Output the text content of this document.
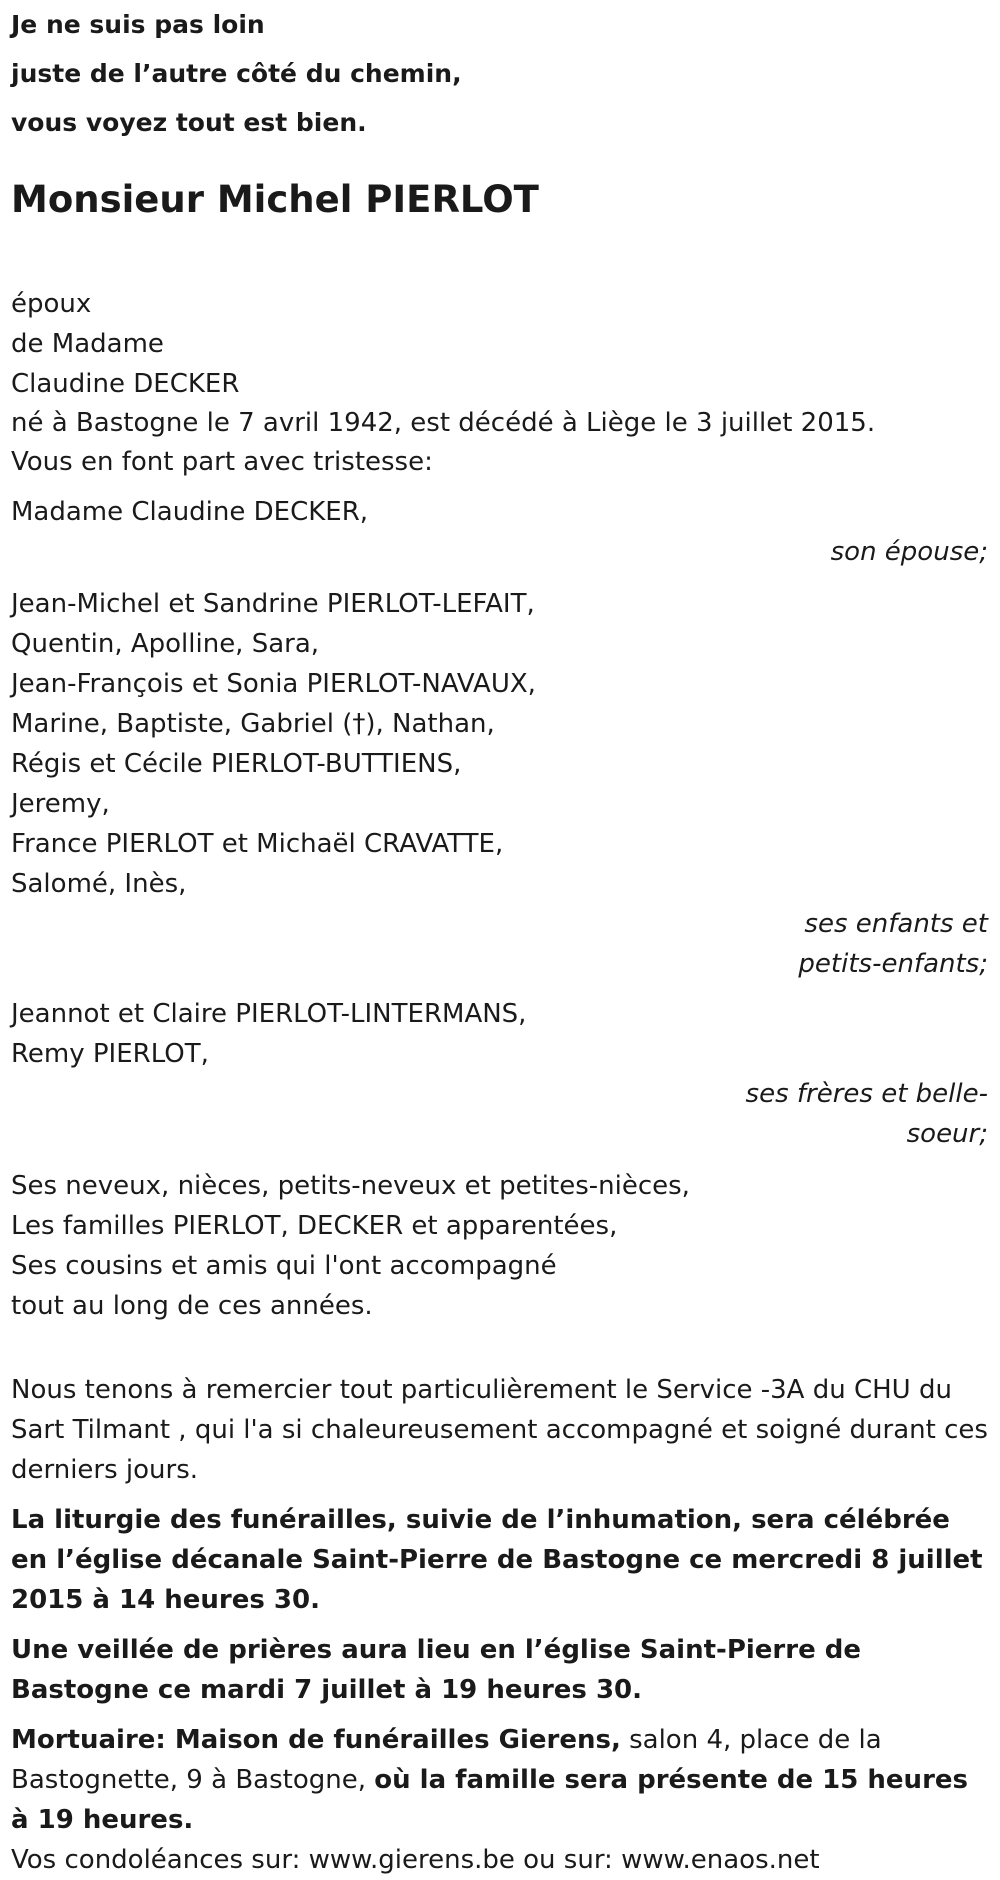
Je ne suis pas loin

juste de l’autre côté du chemin,

vous voyez tout est bien.

Monsieur Michel PIERLOT

époux

de Madame

Claudine DECKER

né à Bastogne le 7 avril 1942, est décédé à Liège le 3 juillet 2015.

Vous en font part avec tristesse:

Madame Claudine DECKER,

son épouse;

Jean-Michel et Sandrine PIERLOT-LEFAIT,

Quentin, Apolline, Sara,

Jean-François et Sonia PIERLOT-NAVAUX,

Marine, Baptiste, Gabriel (†), Nathan,

Régis et Cécile PIERLOT-BUTTIENS,

Jeremy,

France PIERLOT et Michaël CRAVATTE,

Salomé, Inès,

ses enfants et

petits-enfants;

Jeannot et Claire PIERLOT-LINTERMANS,

Remy PIERLOT,

ses frères et belle-

soeur;

Ses neveux, nièces, petits-neveux et petites-nièces,

Les familles PIERLOT, DECKER et apparentées,

Ses cousins et amis qui l'ont accompagné

tout au long de ces années.

Nous tenons à remercier tout particulièrement le Service -3A du CHU du Sart Tilmant , qui l'a si chaleureusement accompagné et soigné durant ces derniers jours.

La liturgie des funérailles, suivie de l’inhumation, sera célébrée en l’église décanale Saint-Pierre de Bastogne ce mercredi 8 juillet 2015 à 14 heures 30.

Une veillée de prières aura lieu en l’église Saint-Pierre de Bastogne ce mardi 7 juillet à 19 heures 30.

Mortuaire: Maison de funérailles Gierens, salon 4, place de la Bastognette, 9 à Bastogne, où la famille sera présente de 15 heures à 19 heures.

Vos condoléances sur: www.gierens.be ou sur: www.enaos.net
